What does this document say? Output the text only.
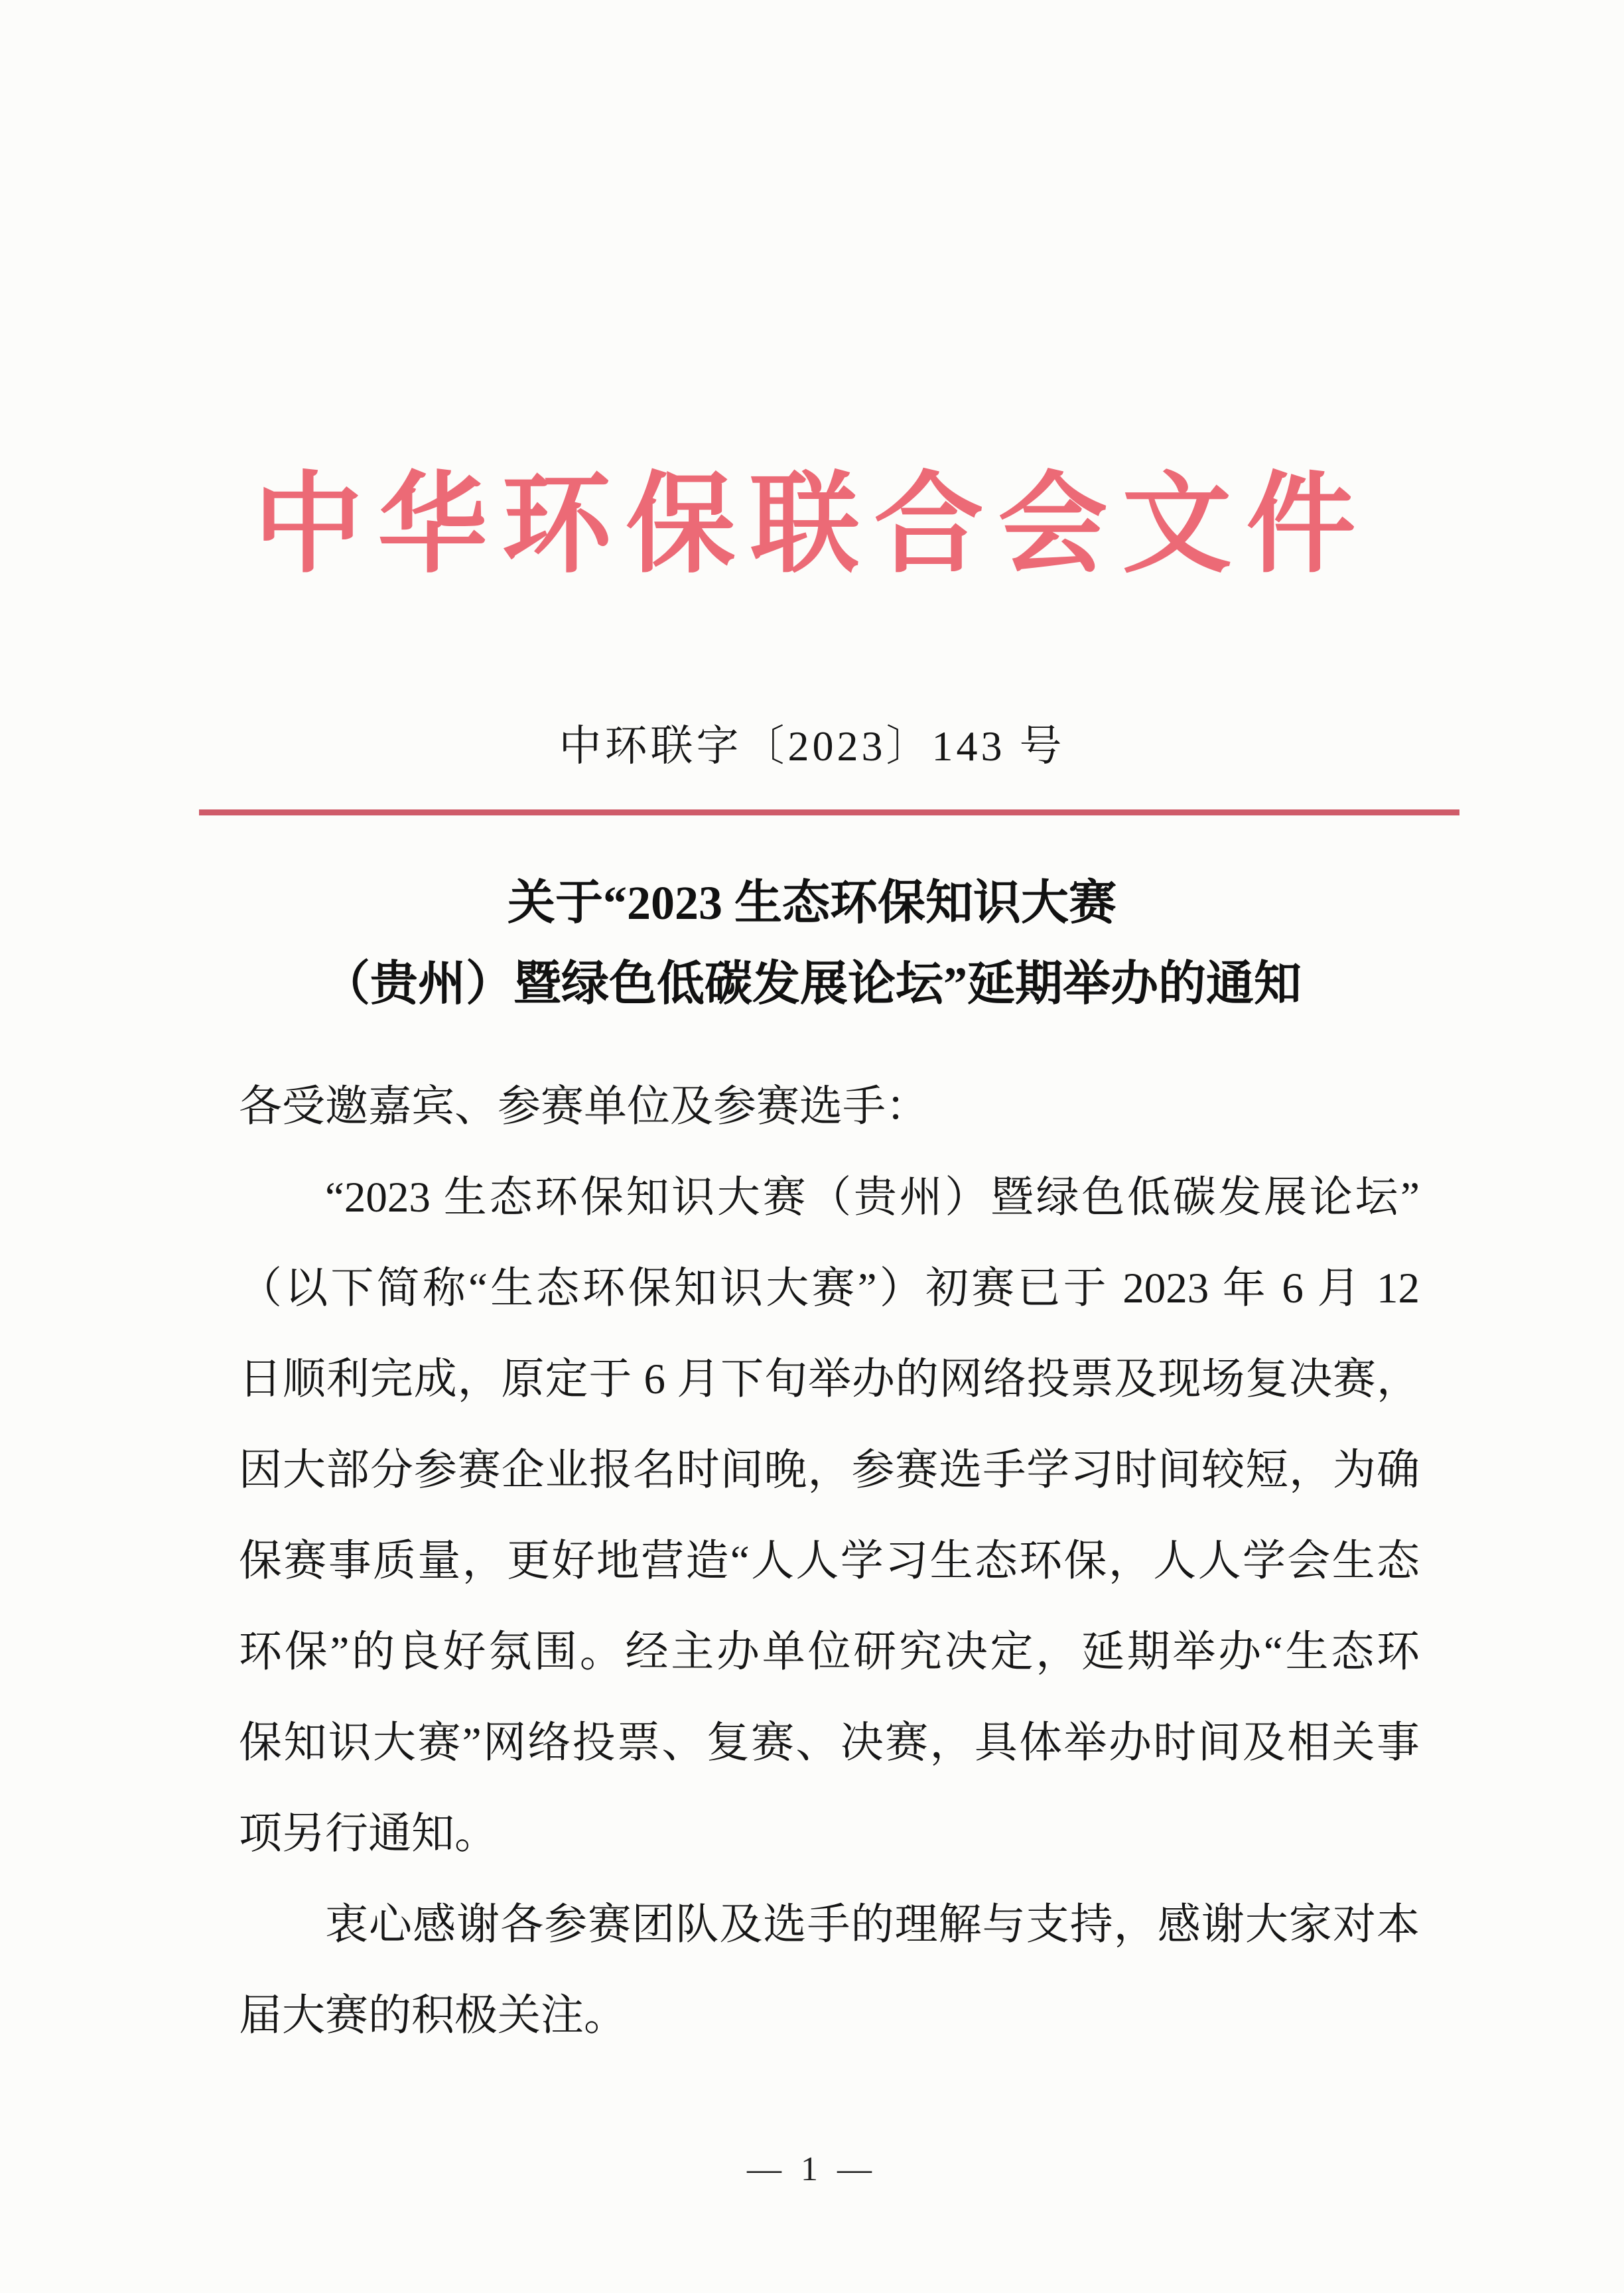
中华环保联合会文件
中环联字〔2023〕143 号
关于“2023 生态环保知识大赛
（贵州）暨绿色低碳发展论坛”延期举办的通知
各受邀嘉宾、参赛单位及参赛选手：
“2023 生态环保知识大赛（贵州）暨绿色低碳发展论坛”
（以下简称“生态环保知识大赛”）初赛已于 2023 年 6 月 12
日顺利完成，原定于 6 月下旬举办的网络投票及现场复决赛，
因大部分参赛企业报名时间晚，参赛选手学习时间较短，为确
保赛事质量，更好地营造“人人学习生态环保，人人学会生态
环保”的良好氛围。经主办单位研究决定，延期举办“生态环
保知识大赛”网络投票、复赛、决赛，具体举办时间及相关事
项另行通知。
衷心感谢各参赛团队及选手的理解与支持，感谢大家对本
届大赛的积极关注。
— 1 —
